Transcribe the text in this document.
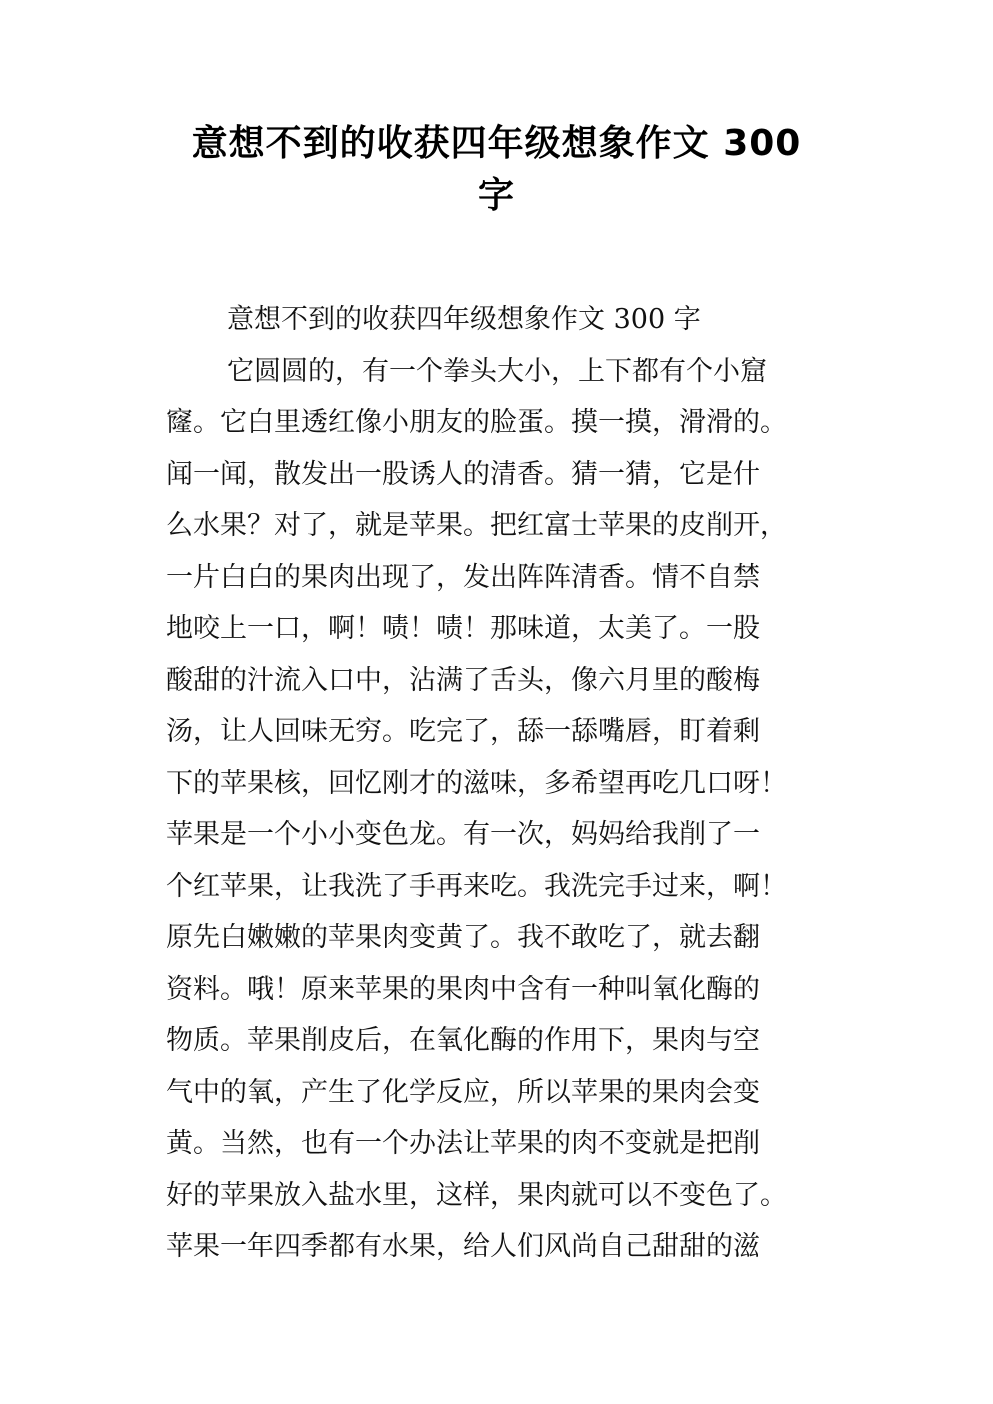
意想不到的收获四年级想象作文 300
字
意想不到的收获四年级想象作文 300 字
它圆圆的，有一个拳头大小，上下都有个小窟
窿。它白里透红像小朋友的脸蛋。摸一摸，滑滑的。
闻一闻，散发出一股诱人的清香。猜一猜，它是什
么水果？对了，就是苹果。把红富士苹果的皮削开，
一片白白的果肉出现了，发出阵阵清香。情不自禁
地咬上一口，啊！啧！啧！那味道，太美了。一股
酸甜的汁流入口中，沾满了舌头，像六月里的酸梅
汤，让人回味无穷。吃完了，舔一舔嘴唇，盯着剩
下的苹果核，回忆刚才的滋味，多希望再吃几口呀！
苹果是一个小小变色龙。有一次，妈妈给我削了一
个红苹果，让我洗了手再来吃。我洗完手过来，啊！
原先白嫩嫩的苹果肉变黄了。我不敢吃了，就去翻
资料。哦！原来苹果的果肉中含有一种叫氧化酶的
物质。苹果削皮后，在氧化酶的作用下，果肉与空
气中的氧，产生了化学反应，所以苹果的果肉会变
黄。当然，也有一个办法让苹果的肉不变就是把削
好的苹果放入盐水里，这样，果肉就可以不变色了。
苹果一年四季都有水果，给人们风尚自己甜甜的滋
